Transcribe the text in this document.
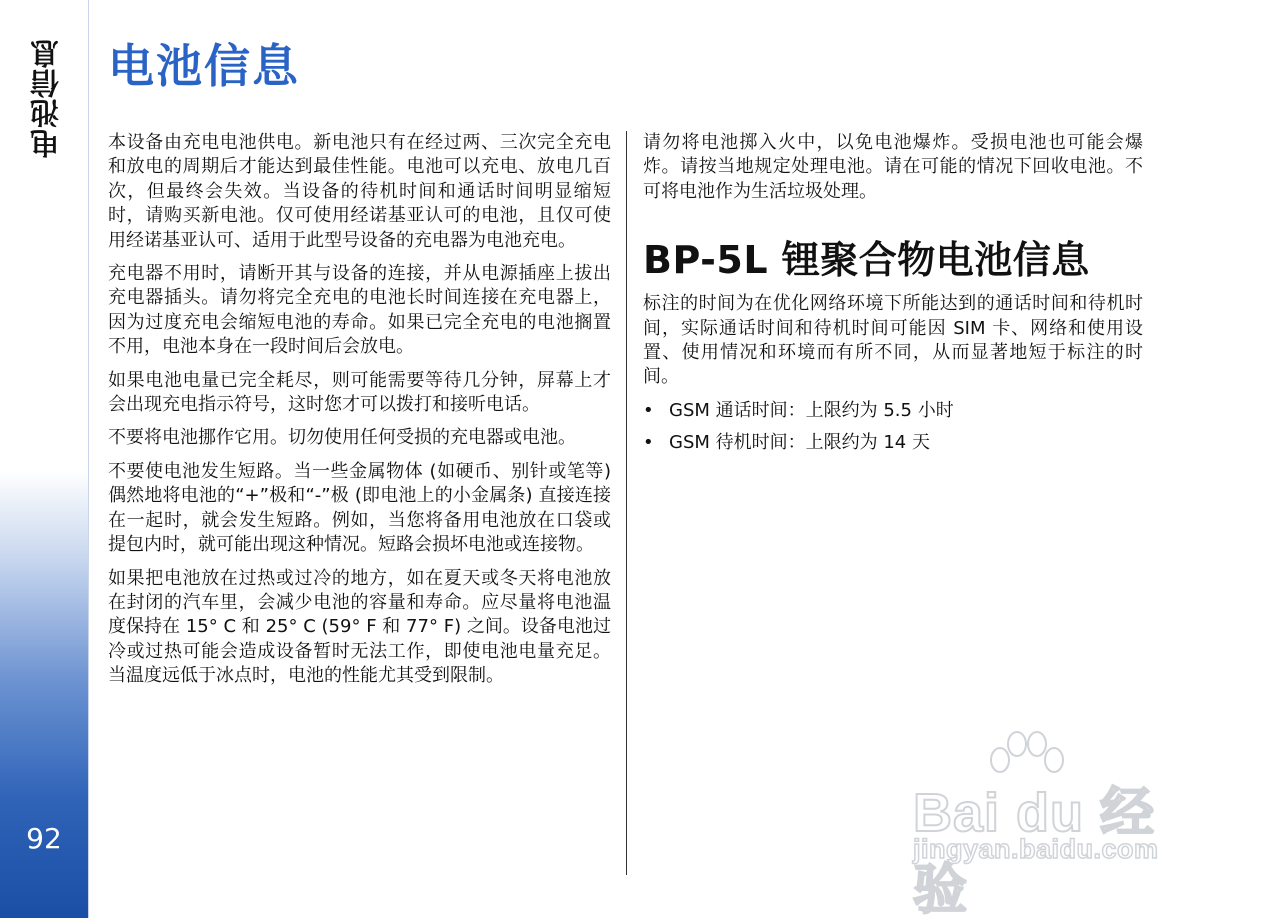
电池信息
92
电池信息

本设备由充电电池供电。新电池只有在经过两、三次完全充电和放电的周期后才能达到最佳性能。电池可以充电、放电几百次，但最终会失效。当设备的待机时间和通话时间明显缩短时，请购买新电池。仅可使用经诺基亚认可的电池，且仅可使用经诺基亚认可、适用于此型号设备的充电器为电池充电。

充电器不用时，请断开其与设备的连接，并从电源插座上拔出充电器插头。请勿将完全充电的电池长时间连接在充电器上，因为过度充电会缩短电池的寿命。如果已完全充电的电池搁置不用，电池本身在一段时间后会放电。

如果电池电量已完全耗尽，则可能需要等待几分钟，屏幕上才会出现充电指示符号，这时您才可以拨打和接听电话。

不要将电池挪作它用。切勿使用任何受损的充电器或电池。

不要使电池发生短路。当一些金属物体 (如硬币、别针或笔等) 偶然地将电池的“+”极和“-”极 (即电池上的小金属条) 直接连接在一起时，就会发生短路。例如，当您将备用电池放在口袋或提包内时，就可能出现这种情况。短路会损坏电池或连接物。

如果把电池放在过热或过冷的地方，如在夏天或冬天将电池放在封闭的汽车里，会减少电池的容量和寿命。应尽量将电池温度保持在 15° C 和 25° C (59° F 和 77° F) 之间。设备电池过冷或过热可能会造成设备暂时无法工作，即使电池电量充足。当温度远低于冰点时，电池的性能尤其受到限制。

请勿将电池掷入火中，以免电池爆炸。受损电池也可能会爆炸。请按当地规定处理电池。请在可能的情况下回收电池。不可将电池作为生活垃圾处理。

BP-5L 锂聚合物电池信息

标注的时间为在优化网络环境下所能达到的通话时间和待机时间，实际通话时间和待机时间可能因 SIM 卡、网络和使用设置、使用情况和环境而有所不同，从而显著地短于标注的时间。

• GSM 通话时间：上限约为 5.5 小时
• GSM 待机时间：上限约为 14 天
Bai du 经验
jingyan.baidu.com
